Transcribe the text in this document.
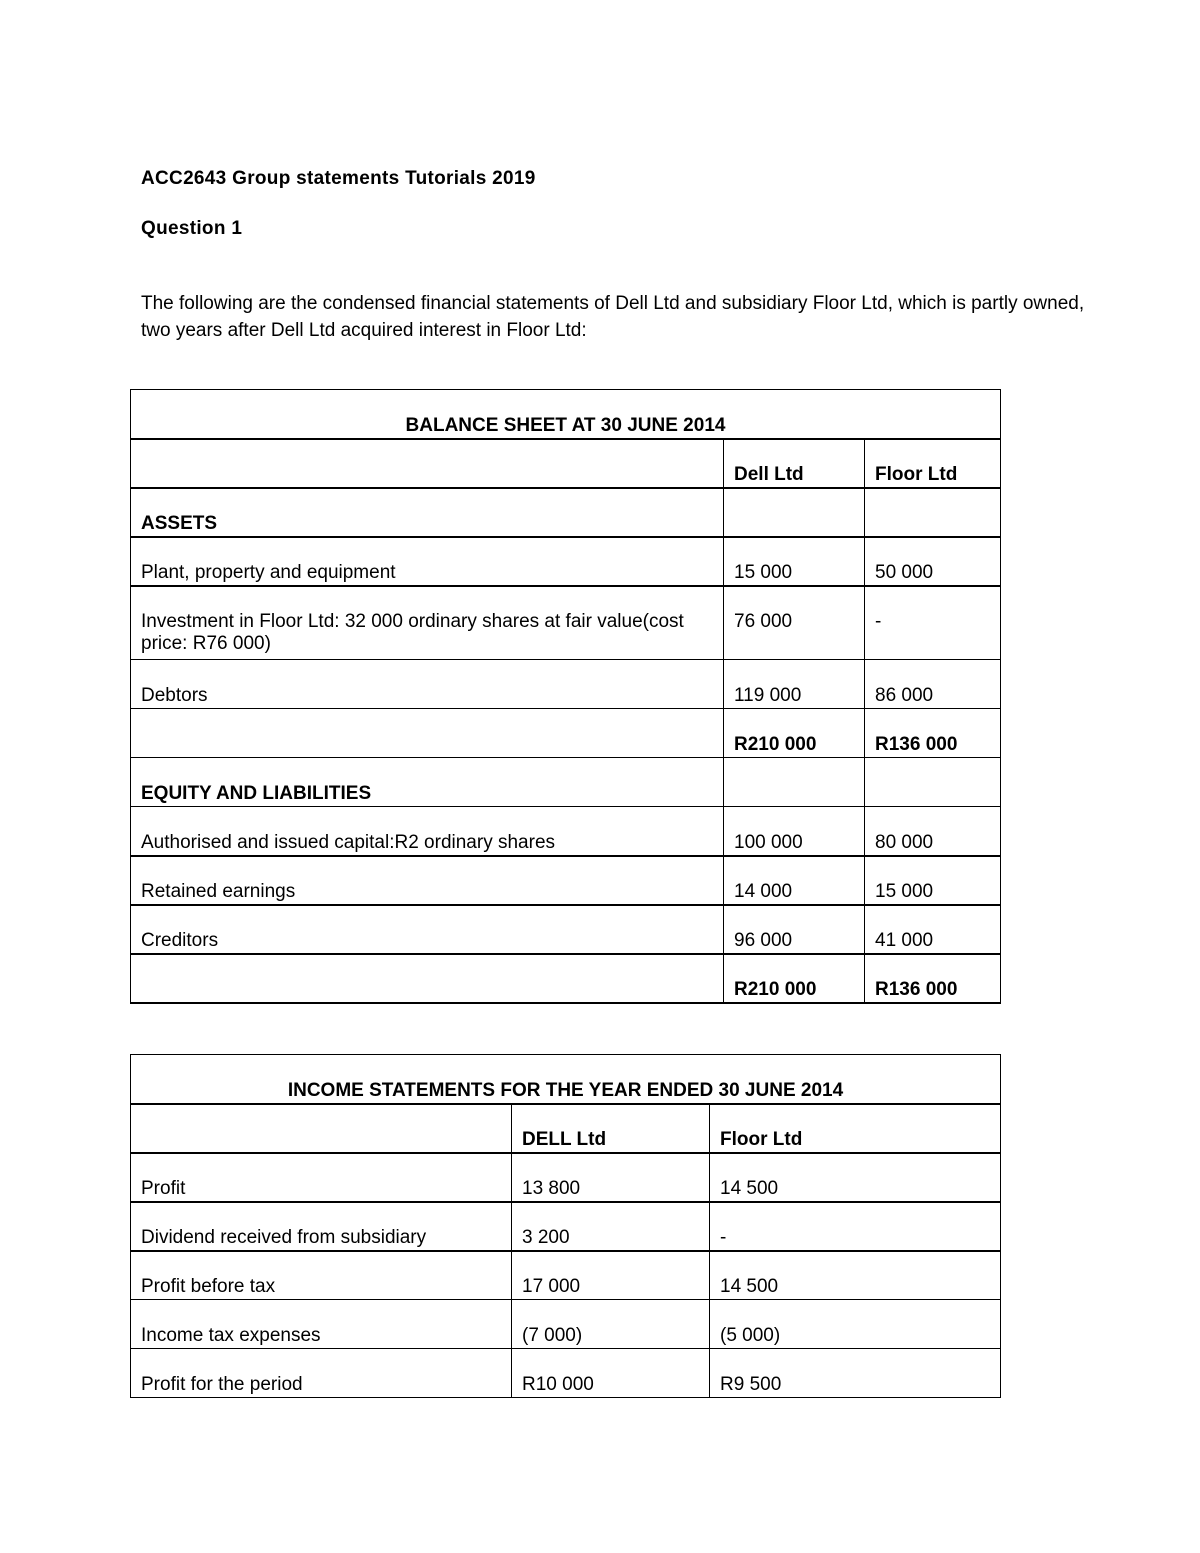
ACC2643 Group statements Tutorials 2019
Question 1
The following are the condensed financial statements of Dell Ltd and subsidiary Floor Ltd, which is partly owned, two years after Dell Ltd acquired interest in Floor Ltd:
BALANCE SHEET AT 30 JUNE 2014		
	Dell Ltd	Floor Ltd
ASSETS		
Plant, property and equipment	15 000	50 000
Investment in Floor Ltd: 32 000 ordinary shares at fair value(cost price: R76 000)	76 000	-
Debtors	119 000	86 000
	R210 000	R136 000
EQUITY AND LIABILITIES		
Authorised and issued capital:R2 ordinary shares	100 000	80 000
Retained earnings	14 000	15 000
Creditors	96 000	41 000
	R210 000	R136 000
INCOME STATEMENTS FOR THE YEAR ENDED 30 JUNE 2014		
	DELL Ltd	Floor Ltd
Profit	13 800	14 500
Dividend received from subsidiary	3 200	-
Profit before tax	17 000	14 500
Income tax expenses	(7 000)	(5 000)
Profit for the period	R10 000	R9 500
